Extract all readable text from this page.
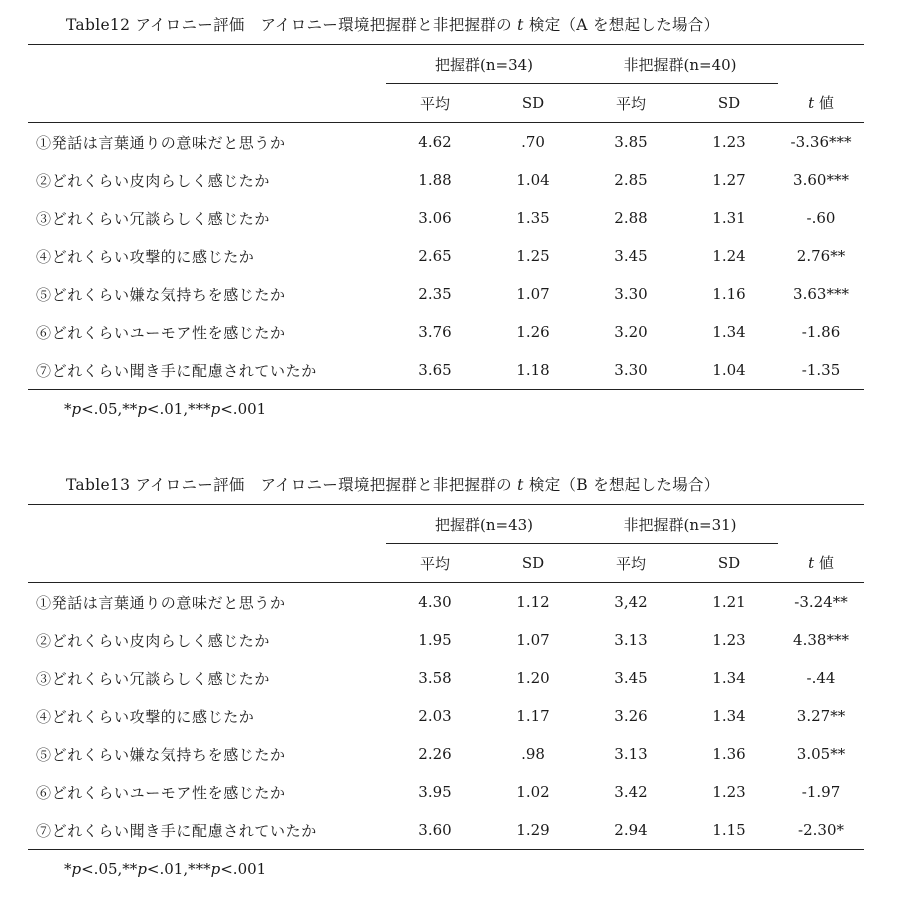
Table12 アイロニー評価　アイロニー環境把握群と非把握群の t 検定（A を想起した場合）
	把握群(n=34)		非把握群(n=40)		
	平均	SD	平均	SD	t 値
①発話は言葉通りの意味だと思うか	4.62	.70	3.85	1.23	-3.36***
②どれくらい皮肉らしく感じたか	1.88	1.04	2.85	1.27	3.60***
③どれくらい冗談らしく感じたか	3.06	1.35	2.88	1.31	-.60
④どれくらい攻撃的に感じたか	2.65	1.25	3.45	1.24	2.76**
⑤どれくらい嫌な気持ちを感じたか	2.35	1.07	3.30	1.16	3.63***
⑥どれくらいユーモア性を感じたか	3.76	1.26	3.20	1.34	-1.86
⑦どれくらい聞き手に配慮されていたか	3.65	1.18	3.30	1.04	-1.35
*p<.05,**p<.01,***p<.001
Table13 アイロニー評価　アイロニー環境把握群と非把握群の t 検定（B を想起した場合）
	把握群(n=43)		非把握群(n=31)		
	平均	SD	平均	SD	t 値
①発話は言葉通りの意味だと思うか	4.30	1.12	3,42	1.21	-3.24**
②どれくらい皮肉らしく感じたか	1.95	1.07	3.13	1.23	4.38***
③どれくらい冗談らしく感じたか	3.58	1.20	3.45	1.34	-.44
④どれくらい攻撃的に感じたか	2.03	1.17	3.26	1.34	3.27**
⑤どれくらい嫌な気持ちを感じたか	2.26	.98	3.13	1.36	3.05**
⑥どれくらいユーモア性を感じたか	3.95	1.02	3.42	1.23	-1.97
⑦どれくらい聞き手に配慮されていたか	3.60	1.29	2.94	1.15	-2.30*
*p<.05,**p<.01,***p<.001
